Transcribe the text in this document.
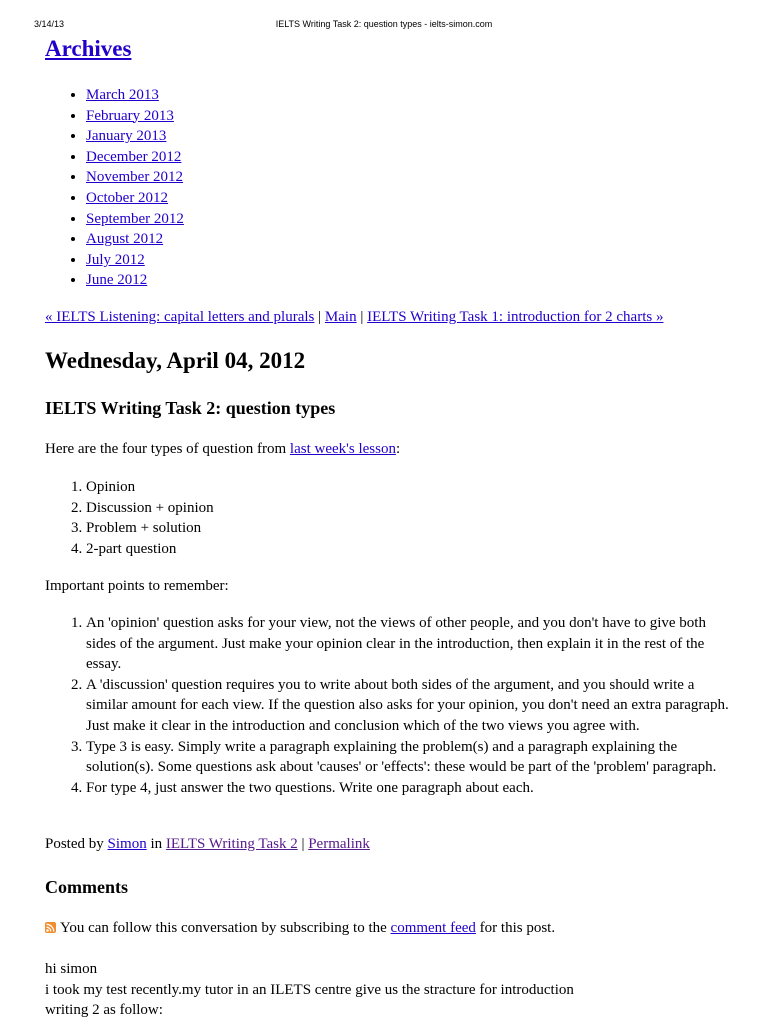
3/14/13	IELTS Writing Task 2: question types - ielts-simon.com
Archives
• March 2013
• February 2013
• January 2013
• December 2012
• November 2012
• October 2012
• September 2012
• August 2012
• July 2012
• June 2012
« IELTS Listening: capital letters and plurals | Main | IELTS Writing Task 1: introduction for 2 charts »
Wednesday, April 04, 2012
IELTS Writing Task 2: question types

Here are the four types of question from last week's lesson:

1. Opinion
2. Discussion + opinion
3. Problem + solution
4. 2-part question

Important points to remember:

1. An 'opinion' question asks for your view, not the views of other people, and you don't have to give both sides of the argument. Just make your opinion clear in the introduction, then explain it in the rest of the essay.
2. A 'discussion' question requires you to write about both sides of the argument, and you should write a similar amount for each view. If the question also asks for your opinion, you don't need an extra paragraph. Just make it clear in the introduction and conclusion which of the two views you agree with.
3. Type 3 is easy. Simply write a paragraph explaining the problem(s) and a paragraph explaining the solution(s). Some questions ask about 'causes' or 'effects': these would be part of the 'problem' paragraph.
4. For type 4, just answer the two questions. Write one paragraph about each.

Posted by Simon in IELTS Writing Task 2 | Permalink

Comments

You can follow this conversation by subscribing to the comment feed for this post.

hi simon
i took my test recently.my tutor in an ILETS centre give us the stracture for introduction
writing 2 as follow:
